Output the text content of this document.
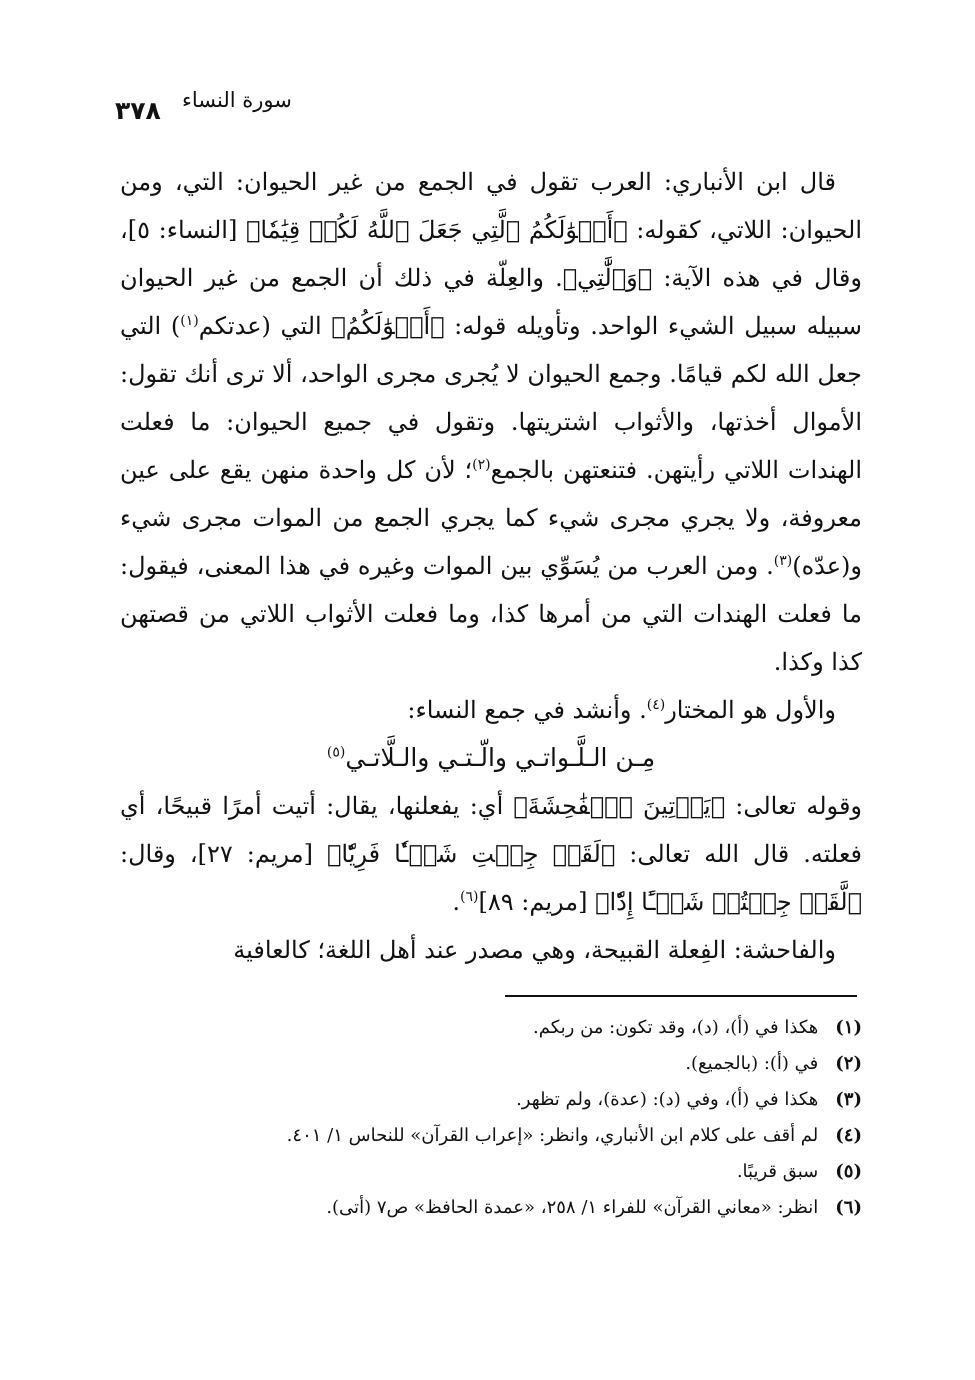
٣٧٨ سورة النساء

قال ابن الأنباري: العرب تقول في الجمع من غير الحيوان: التي، ومن الحيوان: اللاتي، كقوله: ﴿أَمۡوَٰلَكُمُ ٱلَّتِي جَعَلَ ٱللَّهُ لَكُمۡ قِيَٰمٗا﴾ [النساء: ٥]، وقال في هذه الآية: ﴿وَٱلَّٰتِي﴾. والعِلّة في ذلك أن الجمع من غير الحيوان سبيله سبيل الشيء الواحد. وتأويله قوله: ﴿أَمۡوَٰلَكُمُ﴾ التي (عدتكم$^{(١)}$) التي جعل الله لكم قيامًا. وجمع الحيوان لا يُجرى مجرى الواحد، ألا ترى أنك تقول: الأموال أخذتها، والأثواب اشتريتها. وتقول في جميع الحيوان: ما فعلت الهندات اللاتي رأيتهن. فتنعتهن بالجمع$^{(٢)}$؛ لأن كل واحدة منهن يقع على عين معروفة، ولا يجري مجرى شيء كما يجري الجمع من الموات مجرى شيء و(عدّه)$^{(٣)}$. ومن العرب من يُسَوِّي بين الموات وغيره في هذا المعنى، فيقول: ما فعلت الهندات التي من أمرها كذا، وما فعلت الأثواب اللاتي من قصتهن كذا وكذا.

والأول هو المختار$^{(٤)}$. وأنشد في جمع النساء:

مِـن الـلَّـواتـي والّـتـي والـلَّاتـي$^{(٥)}$

وقوله تعالى: ﴿يَأۡتِينَ ٱلۡفَٰحِشَةَ﴾ أي: يفعلنها، يقال: أتيت أمرًا قبيحًا، أي فعلته. قال الله تعالى: ﴿لَقَدۡ جِئۡتِ شَيۡـٔٗا فَرِيّٗا﴾ [مريم: ٢٧]، وقال: ﴿لَّقَدۡ جِئۡتُمۡ شَيۡـًٔا إِدّٗا﴾ [مريم: ٨٩]$^{(٦)}$.

والفاحشة: الفِعلة القبيحة، وهي مصدر عند أهل اللغة؛ كالعافية

(١) هكذا في (أ)، (د)، وقد تكون: من ربكم.

(٢) في (أ): (بالجميع).

(٣) هكذا في (أ)، وفي (د): (عدة)، ولم تظهر.

(٤) لم أقف على كلام ابن الأنباري، وانظر: «إعراب القرآن» للنحاس ١/ ٤٠١.

(٥) سبق قريبًا.

(٦) انظر: «معاني القرآن» للفراء ١/ ٢٥٨، «عمدة الحافظ» ص٧ (أتى).
